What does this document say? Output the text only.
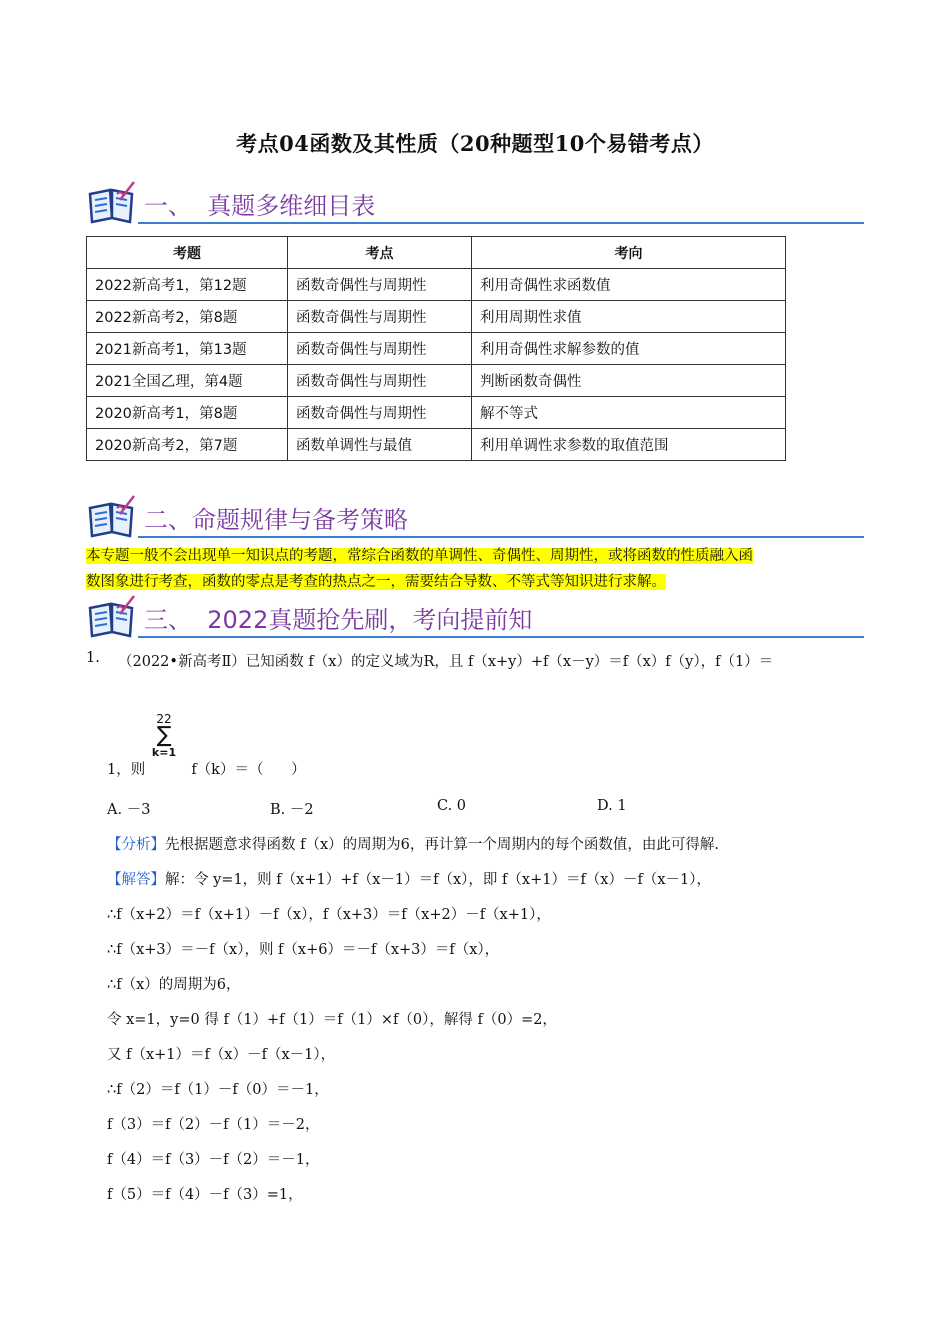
考点04函数及其性质（20种题型10个易错考点）
一、  真题多维细目表
考题	考点	考向
2022新高考1，第12题	函数奇偶性与周期性	利用奇偶性求函数值
2022新高考2，第8题	函数奇偶性与周期性	利用周期性求值
2021新高考1，第13题	函数奇偶性与周期性	利用奇偶性求解参数的值
2021全国乙理，第4题	函数奇偶性与周期性	判断函数奇偶性
2020新高考1，第8题	函数奇偶性与周期性	解不等式
2020新高考2，第7题	函数单调性与最值	利用单调性求参数的取值范围
二、命题规律与备考策略
本专题一般不会出现单一知识点的考题，常综合函数的单调性、奇偶性、周期性，或将函数的性质融入函
数图象进行考查，函数的零点是考查的热点之一，需要结合导数、不等式等知识进行求解。
三、  2022真题抢先刷，考向提前知
1. （2022•新高考Ⅱ）已知函数 f（x）的定义域为R，且 f（x+y）+f（x－y）＝f（x）f（y），f（1）＝
22
∑
k=1
1，则          f（k）＝（      ）
A. －3	B. －2	C. 0	D. 1
【分析】先根据题意求得函数 f（x）的周期为6，再计算一个周期内的每个函数值，由此可得解.
【解答】解：令 y=1，则 f（x+1）+f（x－1）＝f（x），即 f（x+1）＝f（x）－f（x－1），
∴f（x+2）＝f（x+1）－f（x），f（x+3）＝f（x+2）－f（x+1），
∴f（x+3）＝－f（x），则 f（x+6）＝－f（x+3）＝f（x），
∴f（x）的周期为6，
令 x=1，y=0 得 f（1）+f（1）＝f（1）×f（0），解得 f（0）=2，
又 f（x+1）＝f（x）－f（x－1），
∴f（2）＝f（1）－f（0）＝－1，
f（3）＝f（2）－f（1）＝－2，
f（4）＝f（3）－f（2）＝－1，
f（5）＝f（4）－f（3）=1，
